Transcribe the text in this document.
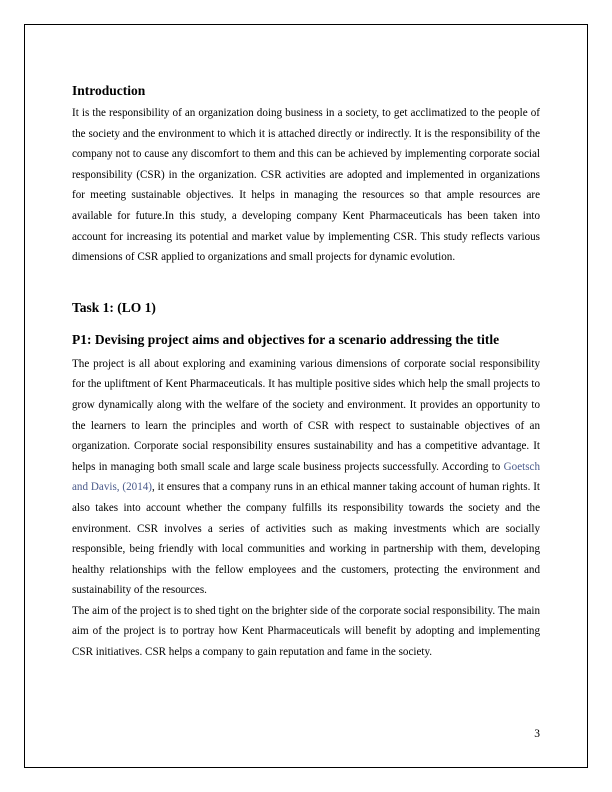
Introduction

It is the responsibility of an organization doing business in a society, to get acclimatized to the people of the society and the environment to which it is attached directly or indirectly. It is the responsibility of the company not to cause any discomfort to them and this can be achieved by implementing corporate social responsibility (CSR) in the organization. CSR activities are adopted and implemented in organizations for meeting sustainable objectives. It helps in managing the resources so that ample resources are available for future.In this study, a developing company Kent Pharmaceuticals has been taken into account for increasing its potential and market value by implementing CSR. This study reflects various dimensions of CSR applied to organizations and small projects for dynamic evolution.

Task 1: (LO 1)
P1: Devising project aims and objectives for a scenario addressing the title

The project is all about exploring and examining various dimensions of corporate social responsibility for the upliftment of Kent Pharmaceuticals. It has multiple positive sides which help the small projects to grow dynamically along with the welfare of the society and environment. It provides an opportunity to the learners to learn the principles and worth of CSR with respect to sustainable objectives of an organization. Corporate social responsibility ensures sustainability and has a competitive advantage. It helps in managing both small scale and large scale business projects successfully. According to Goetsch and Davis, (2014), it ensures that a company runs in an ethical manner taking account of human rights. It also takes into account whether the company fulfills its responsibility towards the society and the environment. CSR involves a series of activities such as making investments which are socially responsible, being friendly with local communities and working in partnership with them, developing healthy relationships with the fellow employees and the customers, protecting the environment and sustainability of the resources.

The aim of the project is to shed tight on the brighter side of the corporate social responsibility. The main aim of the project is to portray how Kent Pharmaceuticals will benefit by adopting and implementing CSR initiatives. CSR helps a company to gain reputation and fame in the society.

3
